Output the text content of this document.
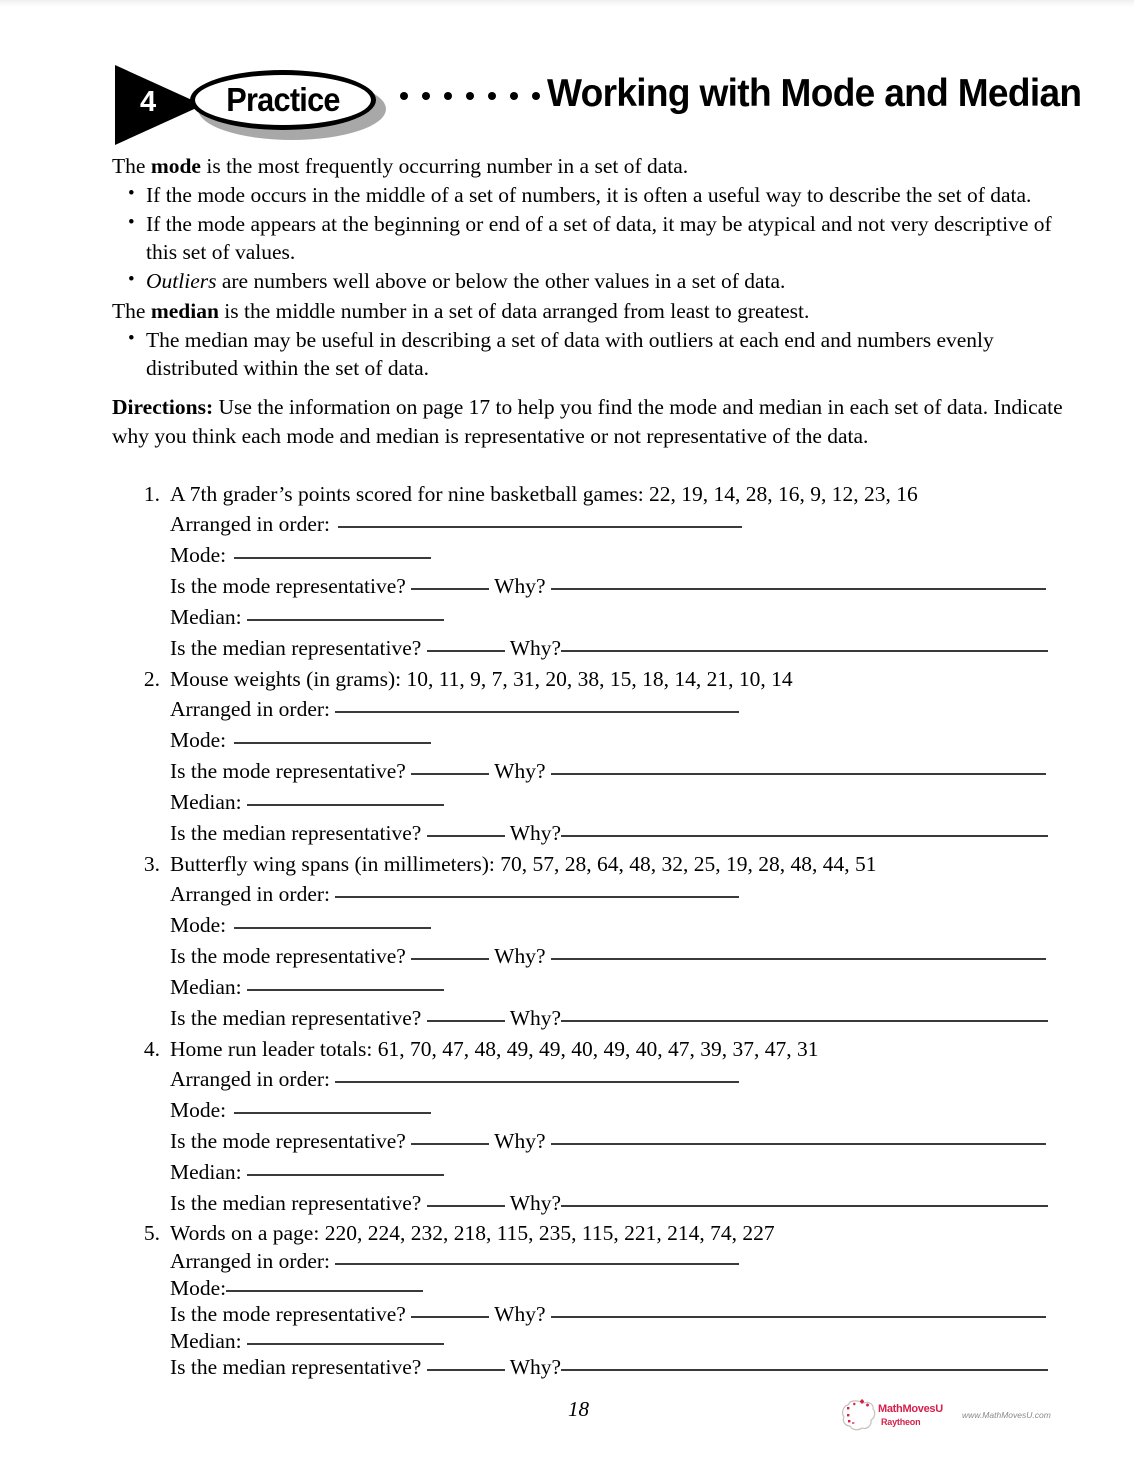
4	Practice	Working with Mode and Median

The mode is the most frequently occurring number in a set of data.

• If the mode occurs in the middle of a set of numbers, it is often a useful way to describe the set of data.
• If the mode appears at the beginning or end of a set of data, it may be atypical and not very descriptive of this set of values.
• Outliers are numbers well above or below the other values in a set of data.

The median is the middle number in a set of data arranged from least to greatest.

• The median may be useful in describing a set of data with outliers at each end and numbers evenly distributed within the set of data.

Directions: Use the information on page 17 to help you find the mode and median in each set of data. Indicate why you think each mode and median is representative or not representative of the data.

1. A 7th grader’s points scored for nine basketball games: 22, 19, 14, 28, 16, 9, 12, 23, 16
Arranged in order:
Mode:
Is the mode representative?	Why?
Median:
Is the median representative?	Why?
2. Mouse weights (in grams): 10, 11, 9, 7, 31, 20, 38, 15, 18, 14, 21, 10, 14
Arranged in order:
Mode:
Is the mode representative?	Why?
Median:
Is the median representative?	Why?
3. Butterfly wing spans (in millimeters): 70, 57, 28, 64, 48, 32, 25, 19, 28, 48, 44, 51
Arranged in order:
Mode:
Is the mode representative?	Why?
Median:
Is the median representative?	Why?
4. Home run leader totals: 61, 70, 47, 48, 49, 49, 40, 49, 40, 47, 39, 37, 47, 31
Arranged in order:
Mode:
Is the mode representative?	Why?
Median:
Is the median representative?	Why?
5. Words on a page: 220, 224, 232, 218, 115, 235, 115, 221, 214, 74, 227
Arranged in order:
Mode:
Is the mode representative?	Why?
Median:
Is the median representative?	Why?
18	MathMovesU
Raytheon
www.MathMovesU.com
